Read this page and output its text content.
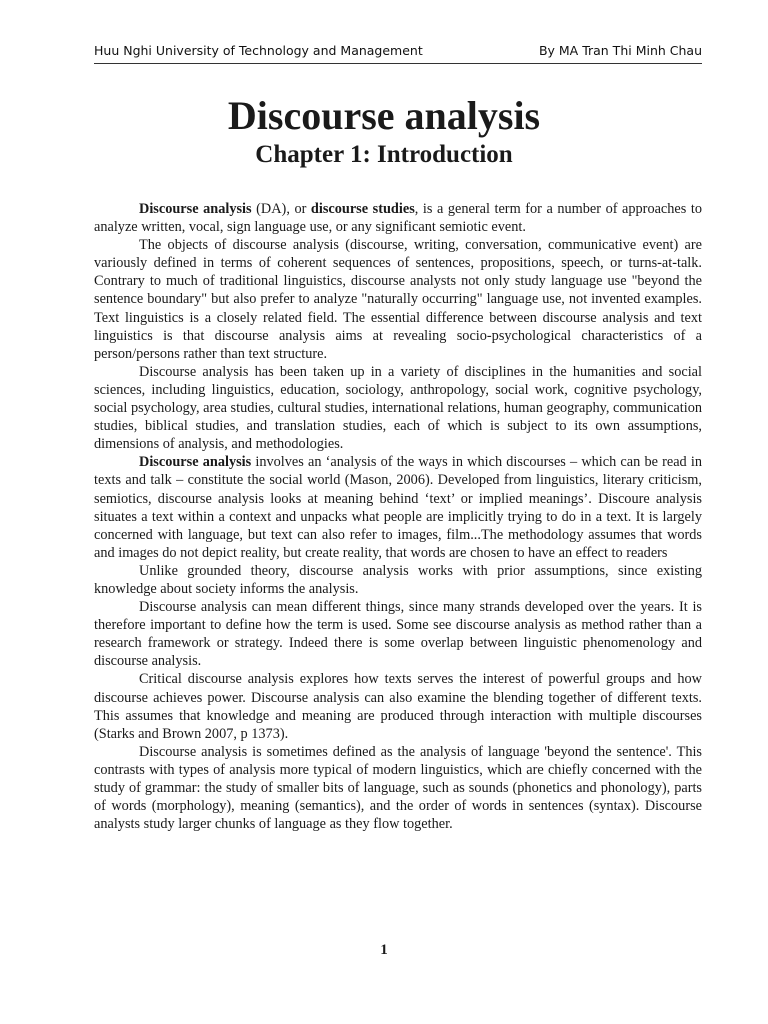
Huu Nghi University of Technology and Management	By MA Tran Thi Minh Chau
Discourse analysis
Chapter 1: Introduction

Discourse analysis (DA), or discourse studies, is a general term for a number of approaches to analyze written, vocal, sign language use, or any significant semiotic event.

The objects of discourse analysis (discourse, writing, conversation, communicative event) are variously defined in terms of coherent sequences of sentences, propositions, speech, or turns-at-talk. Contrary to much of traditional linguistics, discourse analysts not only study language use "beyond the sentence boundary" but also prefer to analyze "naturally occurring" language use, not invented examples. Text linguistics is a closely related field. The essential difference between discourse analysis and text linguistics is that discourse analysis aims at revealing socio-psychological characteristics of a person/persons rather than text structure.

Discourse analysis has been taken up in a variety of disciplines in the humanities and social sciences, including linguistics, education, sociology, anthropology, social work, cognitive psychology, social psychology, area studies, cultural studies, international relations, human geography, communication studies, biblical studies, and translation studies, each of which is subject to its own assumptions, dimensions of analysis, and methodologies.

Discourse analysis involves an ‘analysis of the ways in which discourses – which can be read in texts and talk – constitute the social world (Mason, 2006). Developed from linguistics, literary criticism, semiotics, discourse analysis looks at meaning behind ‘text’ or implied meanings’. Discoure analysis situates a text within a context and unpacks what people are implicitly trying to do in a text. It is largely concerned with language, but text can also refer to images, film...The methodology assumes that words and images do not depict reality, but create reality, that words are chosen to have an effect to readers

Unlike grounded theory, discourse analysis works with prior assumptions, since existing knowledge about society informs the analysis.

Discourse analysis can mean different things, since many strands developed over the years. It is therefore important to define how the term is used. Some see discourse analysis as method rather than a research framework or strategy. Indeed there is some overlap between linguistic phenomenology and discourse analysis.

Critical discourse analysis explores how texts serves the interest of powerful groups and how discourse achieves power. Discourse analysis can also examine the blending together of different texts. This assumes that knowledge and meaning are produced through interaction with multiple discourses (Starks and Brown 2007, p 1373).

Discourse analysis is sometimes defined as the analysis of language 'beyond the sentence'. This contrasts with types of analysis more typical of modern linguistics, which are chiefly concerned with the study of grammar: the study of smaller bits of language, such as sounds (phonetics and phonology), parts of words (morphology), meaning (semantics), and the order of words in sentences (syntax). Discourse analysts study larger chunks of language as they flow together.

1
